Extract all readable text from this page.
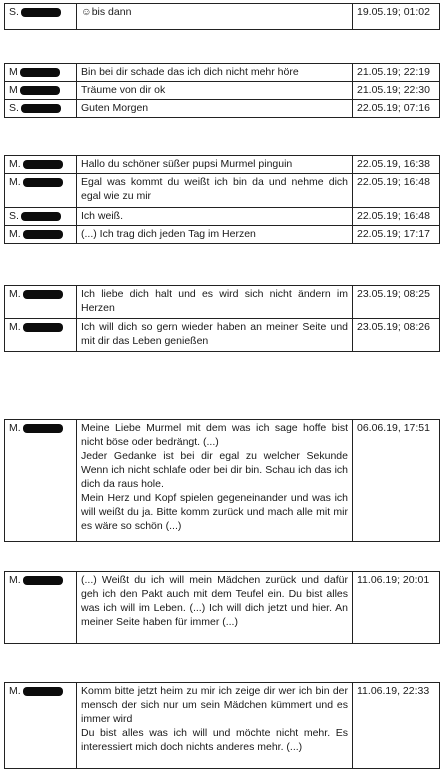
S.	☺bis dann	19.05.19; 01:02
M	Bin bei dir schade das ich dich nicht mehr höre	21.05.19; 22:19
M	Träume von dir ok	21.05.19; 22:30
S.	Guten Morgen	22.05.19; 07:16
M.	Hallo du schöner süßer pupsi Murmel pinguin	22.05.19, 16:38
M.	Egal was kommt du weißt ich bin da und nehme dich egal wie zu mir	22.05.19; 16:48
S.	Ich weiß.	22.05.19; 16:48
M.	(...) Ich trag dich jeden Tag im Herzen	22.05.19; 17:17
M.	Ich liebe dich halt und es wird sich nicht ändern im Herzen	23.05.19; 08:25
M.	Ich will dich so gern wieder haben an meiner Seite und mit dir das Leben genießen	23.05.19; 08:26
M.	Meine Liebe Murmel mit dem was ich sage hoffe bist nicht böse oder bedrängt. (...)
Jeder Gedanke ist bei dir egal zu welcher Sekunde Wenn ich nicht schlafe oder bei dir bin. Schau ich das ich dich da raus hole.
Mein Herz und Kopf spielen gegeneinander und was ich will weißt du ja. Bitte komm zurück und mach alle mit mir es wäre so schön (...)	06.06.19, 17:51
M.	(...) Weißt du ich will mein Mädchen zurück und dafür geh ich den Pakt auch mit dem Teufel ein. Du bist alles was ich will im Leben. (...) Ich will dich jetzt und hier. An meiner Seite haben für immer (...)	11.06.19; 20:01
M.	Komm bitte jetzt heim zu mir ich zeige dir wer ich bin der mensch der sich nur um sein Mädchen kümmert und es immer wird
Du bist alles was ich will und möchte nicht mehr. Es interessiert mich doch nichts anderes mehr. (...)	11.06.19, 22:33
